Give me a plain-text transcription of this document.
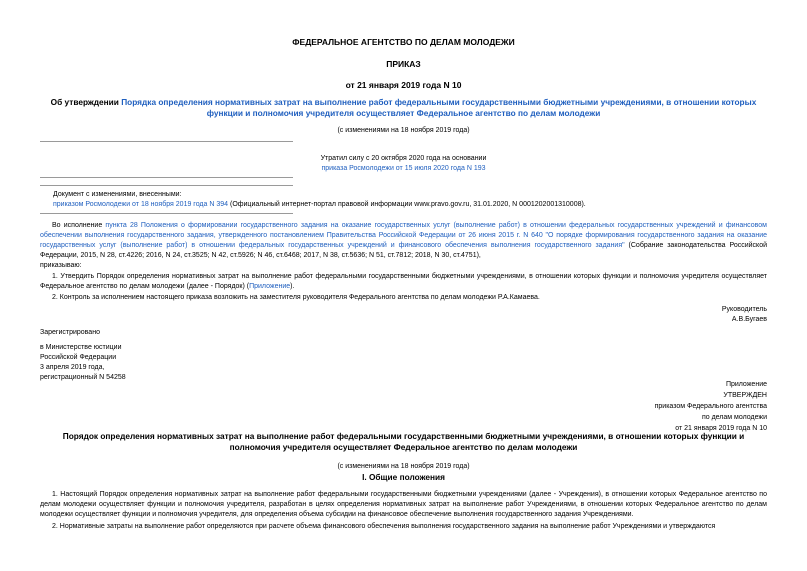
ФЕДЕРАЛЬНОЕ АГЕНТСТВО ПО ДЕЛАМ МОЛОДЕЖИ
ПРИКАЗ
от 21 января 2019 года N 10
Об утверждении Порядка определения нормативных затрат на выполнение работ федеральными государственными бюджетными учреждениями, в отношении которых функции и полномочия учредителя осуществляет Федеральное агентство по делам молодежи
(с изменениями на 18 ноября 2019 года)
Утратил силу с 20 октября 2020 года на основании
приказа Росмолодежи от 15 июля 2020 года N 193
Документ с изменениями, внесенными:
приказом Росмолодежи от 18 ноября 2019 года N 394 (Официальный интернет-портал правовой информации www.pravo.gov.ru, 31.01.2020, N 0001202001310008).

Во исполнение пункта 28 Положения о формировании государственного задания на оказание государственных услуг (выполнение работ) в отношении федеральных государственных учреждений и финансовом обеспечении выполнения государственного задания, утвержденного постановлением Правительства Российской Федерации от 26 июня 2015 г. N 640 "О порядке формирования государственного задания на оказание государственных услуг (выполнение работ) в отношении федеральных государственных учреждений и финансового обеспечения выполнения государственного задания" (Собрание законодательства Российской Федерации, 2015, N 28, ст.4226; 2016, N 24, ст.3525; N 42, ст.5926; N 46, ст.6468; 2017, N 38, ст.5636; N 51, ст.7812; 2018, N 30, ст.4751),

приказываю:

1. Утвердить Порядок определения нормативных затрат на выполнение работ федеральными государственными бюджетными учреждениями, в отношении которых функции и полномочия учредителя осуществляет Федеральное агентство по делам молодежи (далее - Порядок) (Приложение).

2. Контроль за исполнением настоящего приказа возложить на заместителя руководителя Федерального агентства по делам молодежи Р.А.Камаева.
Руководитель
А.В.Бугаев
Зарегистрировано
в Министерстве юстиции
Российской Федерации
3 апреля 2019 года,
регистрационный N 54258
Приложение
УТВЕРЖДЕН
приказом Федерального агентства
по делам молодежи
от 21 января 2019 года N 10
Порядок определения нормативных затрат на выполнение работ федеральными государственными бюджетными учреждениями, в отношении которых функции и полномочия учредителя осуществляет Федеральное агентство по делам молодежи
(с изменениями на 18 ноября 2019 года)
I. Общие положения

1. Настоящий Порядок определения нормативных затрат на выполнение работ федеральными государственными бюджетными учреждениями (далее - Учреждения), в отношении которых Федеральное агентство по делам молодежи осуществляет функции и полномочия учредителя, разработан в целях определения нормативных затрат на выполнение работ Учреждениями, в отношении которых Федеральное агентство по делам молодежи осуществляет функции и полномочия учредителя, для определения объема субсидии на финансовое обеспечение выполнения государственного задания Учреждениями.

2. Нормативные затраты на выполнение работ определяются при расчете объема финансового обеспечения выполнения государственного задания на выполнение работ Учреждениями и утверждаются
